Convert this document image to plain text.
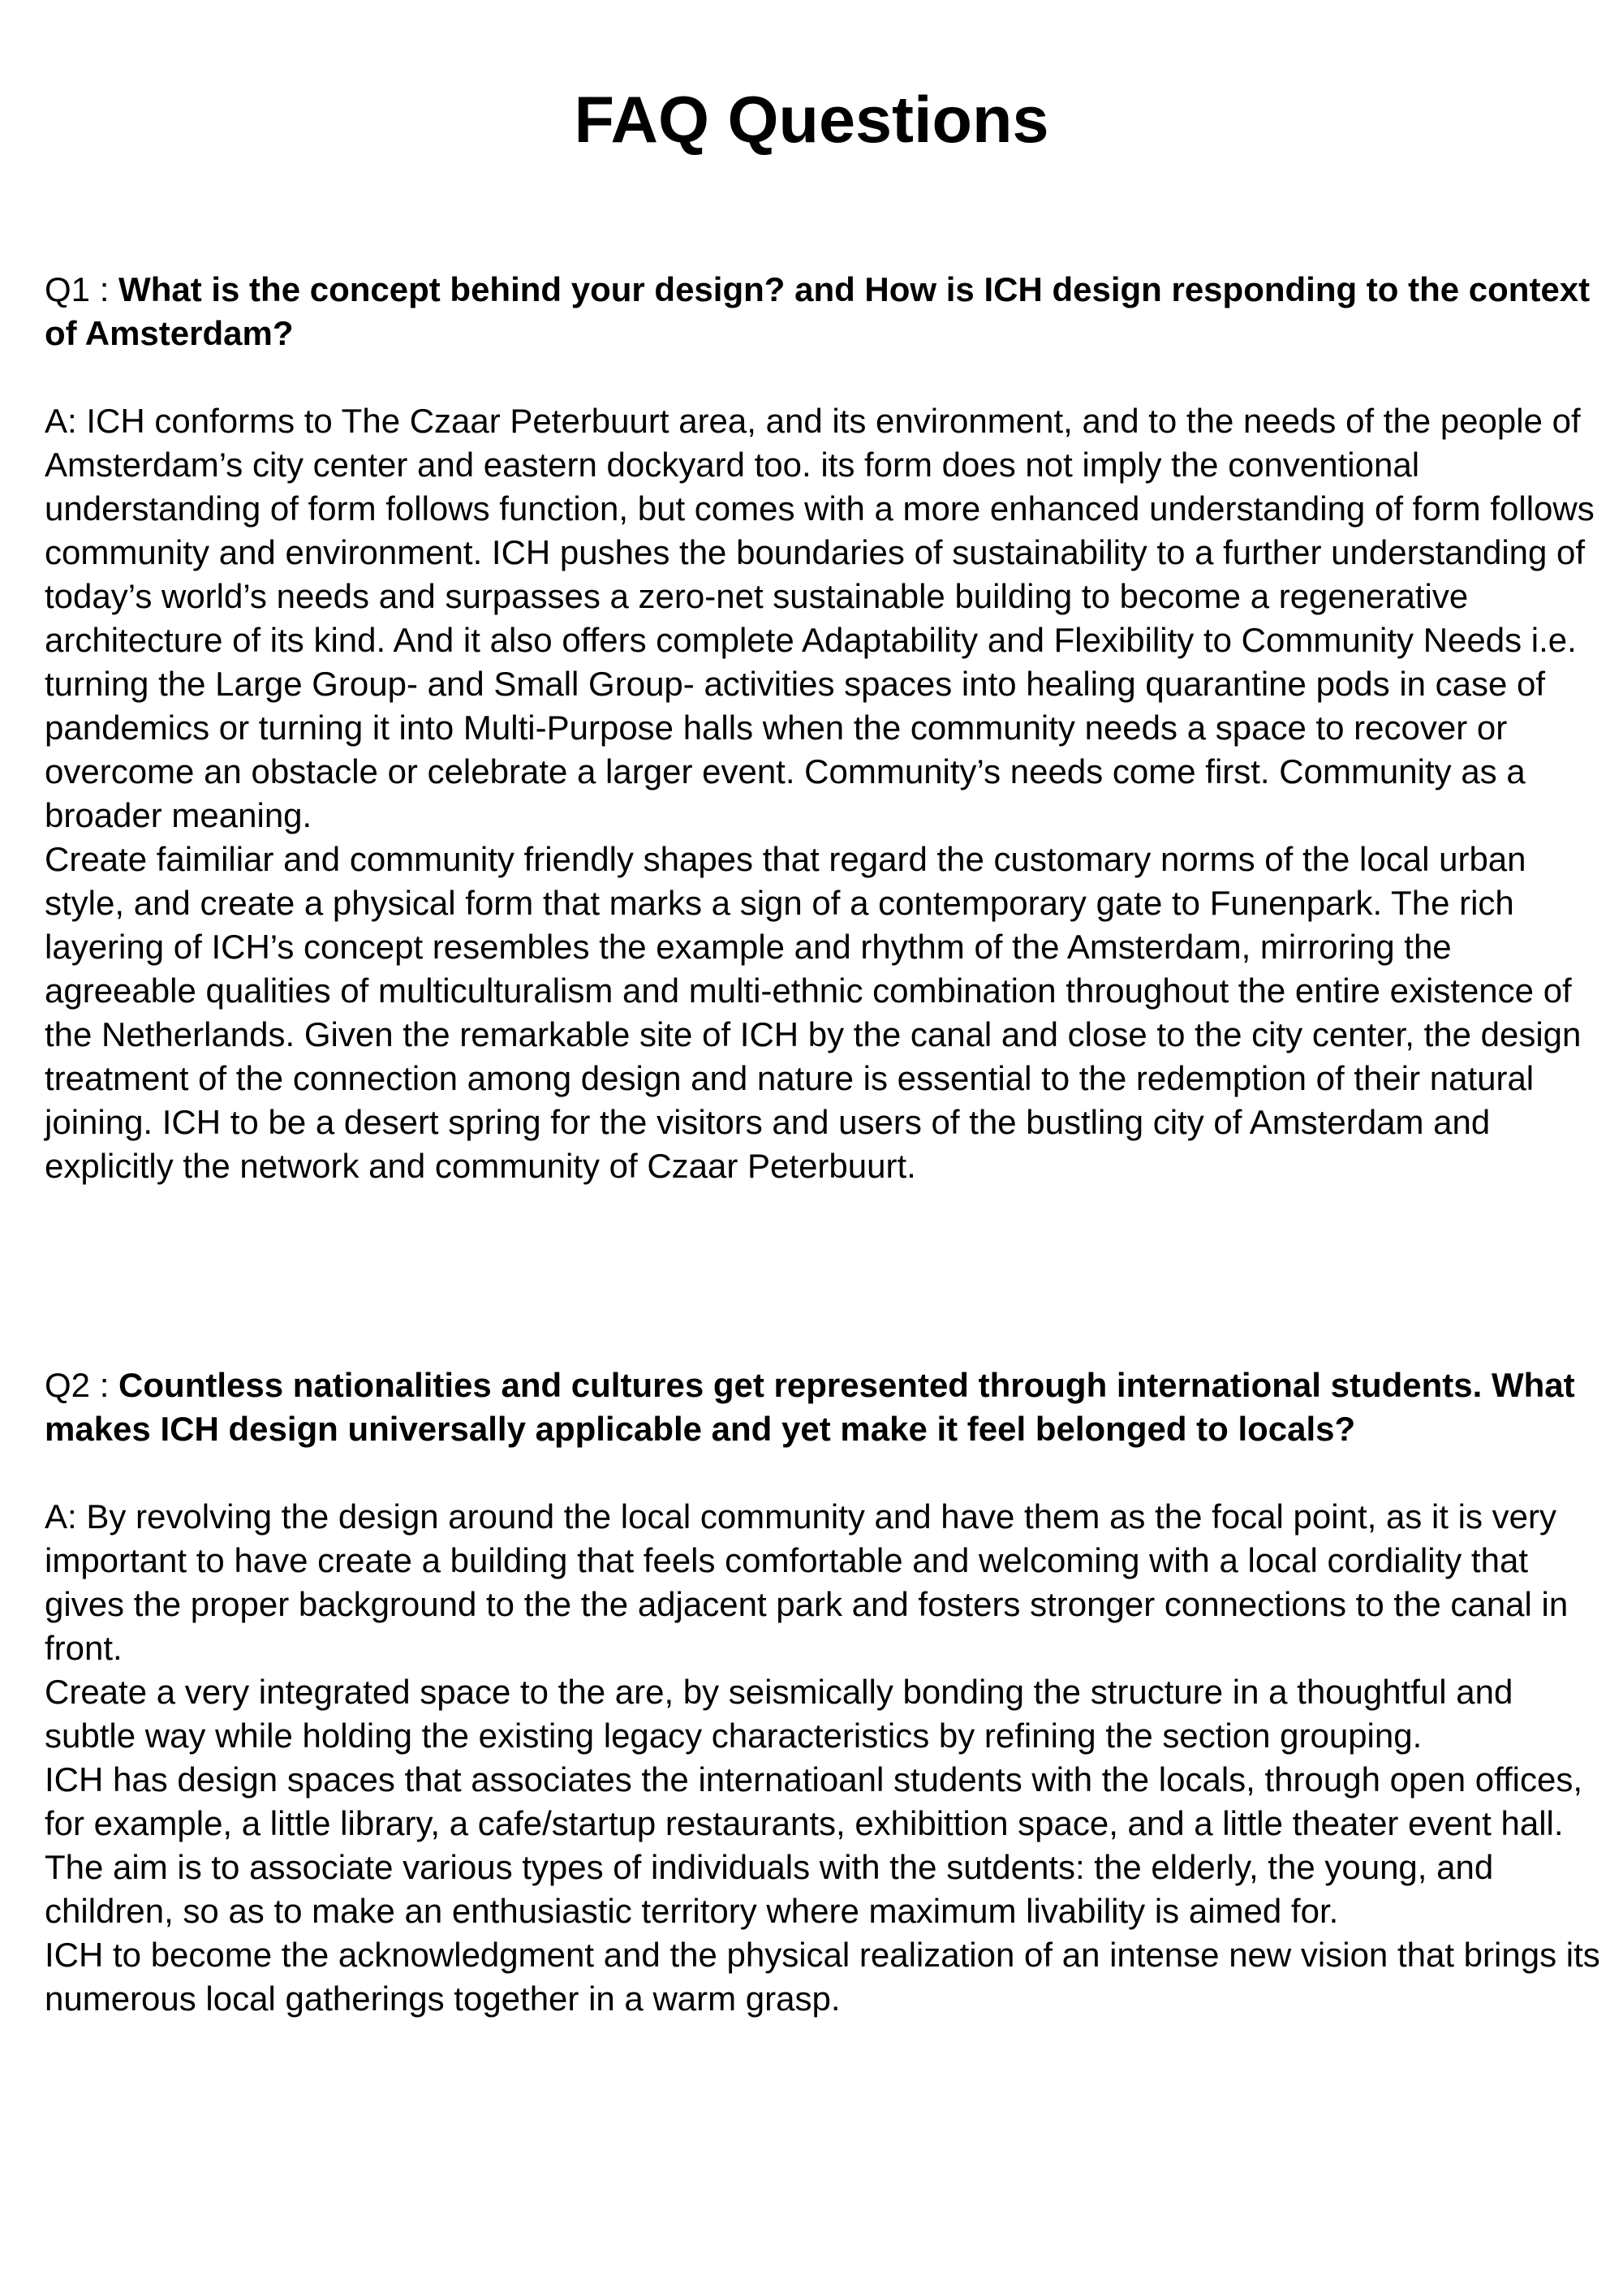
FAQ Questions

Q1 : What is the concept behind your design? and How is ICH design responding to the context of Amsterdam?

A: ICH conforms to The Czaar Peterbuurt area, and its environment, and to the needs of the people of Amsterdam’s city center and eastern dockyard too. its form does not imply the conventional understanding of form follows function, but comes with a more enhanced understanding of form follows community and environment. ICH pushes the boundaries of sustainability to a further understanding of today’s world’s needs and surpasses a zero-net sustainable building to become a regenerative architecture of its kind. And it also offers complete Adaptability and Flexibility to Community Needs i.e. turning the Large Group- and Small Group- activities spaces into healing quarantine pods in case of pandemics or turning it into Multi-Purpose halls when the community needs a space to recover or overcome an obstacle or celebrate a larger event. Community’s needs come first. Community as a broader meaning.

Create faimiliar and community friendly shapes that regard the customary norms of the local urban style, and create a physical form that marks a sign of a contemporary gate to Funenpark. The rich layering of ICH’s concept resembles the example and rhythm of the Amsterdam, mirroring the agreeable qualities of multiculturalism and multi-ethnic combination throughout the entire existence of the Netherlands. Given the remarkable site of ICH by the canal and close to the city center, the design treatment of the connection among design and nature is essential to the redemption of their natural joining. ICH to be a desert spring for the visitors and users of the bustling city of Amsterdam and explicitly the network and community of Czaar Peterbuurt.

Q2 : Countless nationalities and cultures get represented through international students. What makes ICH design universally applicable and yet make it feel belonged to locals?

A: By revolving the design around the local community and have them as the focal point, as it is very important to have create a building that feels comfortable and welcoming with a local cordiality that gives the proper background to the the adjacent park and fosters stronger connections to the canal in front.

Create a very integrated space to the are, by seismically bonding the structure in a thoughtful and subtle way while holding the existing legacy characteristics by refining the section grouping.

ICH has design spaces that associates the internatioanl students with the locals, through open offices, for example, a little library, a cafe/startup restaurants, exhibittion space, and a little theater event hall. The aim is to associate various types of individuals with the sutdents: the elderly, the young, and children, so as to make an enthusiastic territory where maximum livability is aimed for.

ICH to become the acknowledgment and the physical realization of an intense new vision that brings its numerous local gatherings together in a warm grasp.
